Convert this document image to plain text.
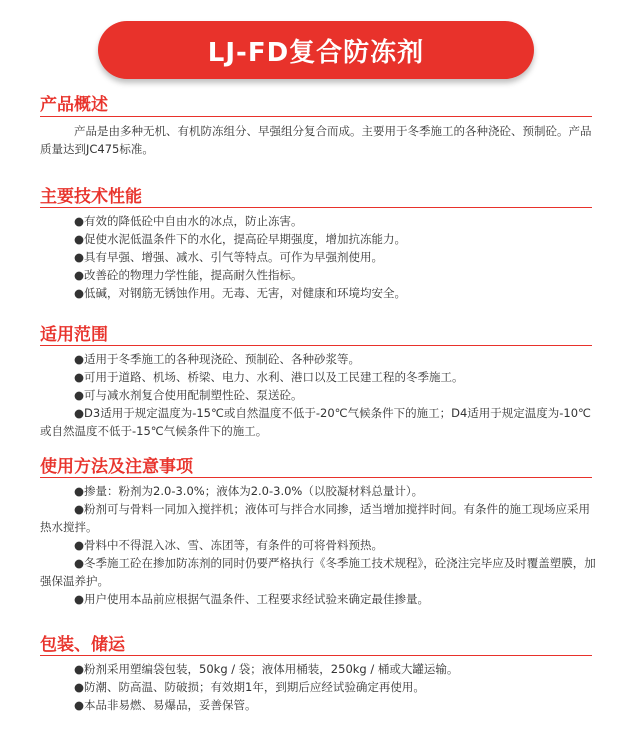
LJ-FD复合防冻剂
产品概述

产品是由多种无机、有机防冻组分、早强组分复合而成。主要用于冬季施工的各种浇砼、预制砼。产品质量达到JC475标准。

主要技术性能
●有效的降低砼中自由水的冰点，防止冻害。
●促使水泥低温条件下的水化，提高砼早期强度，增加抗冻能力。
●具有早强、增强、减水、引气等特点。可作为早强剂使用。
●改善砼的物理力学性能，提高耐久性指标。
●低碱，对钢筋无锈蚀作用。无毒、无害，对健康和环境均安全。
适用范围
●适用于冬季施工的各种现浇砼、预制砼、各种砂浆等。
●可用于道路、机场、桥梁、电力、水利、港口以及工民建工程的冬季施工。
●可与减水剂复合使用配制塑性砼、泵送砼。
●D3适用于规定温度为-15℃或自然温度不低于-20℃气候条件下的施工；D4适用于规定温度为-10℃或自然温度不低于-15℃气候条件下的施工。
使用方法及注意事项
●掺量：粉剂为2.0-3.0%；液体为2.0-3.0%（以胶凝材料总量计）。
●粉剂可与骨料一同加入搅拌机；液体可与拌合水同掺，适当增加搅拌时间。有条件的施工现场应采用热水搅拌。
●骨料中不得混入冰、雪、冻团等，有条件的可将骨料预热。
●冬季施工砼在掺加防冻剂的同时仍要严格执行《冬季施工技术规程》，砼浇注完毕应及时覆盖塑膜，加强保温养护。
●用户使用本品前应根据气温条件、工程要求经试验来确定最佳掺量。
包装、储运
●粉剂采用塑编袋包装，50kg / 袋；液体用桶装，250kg / 桶或大罐运输。
●防潮、防高温、防破损；有效期1年，到期后应经试验确定再使用。
●本品非易燃、易爆品，妥善保管。
